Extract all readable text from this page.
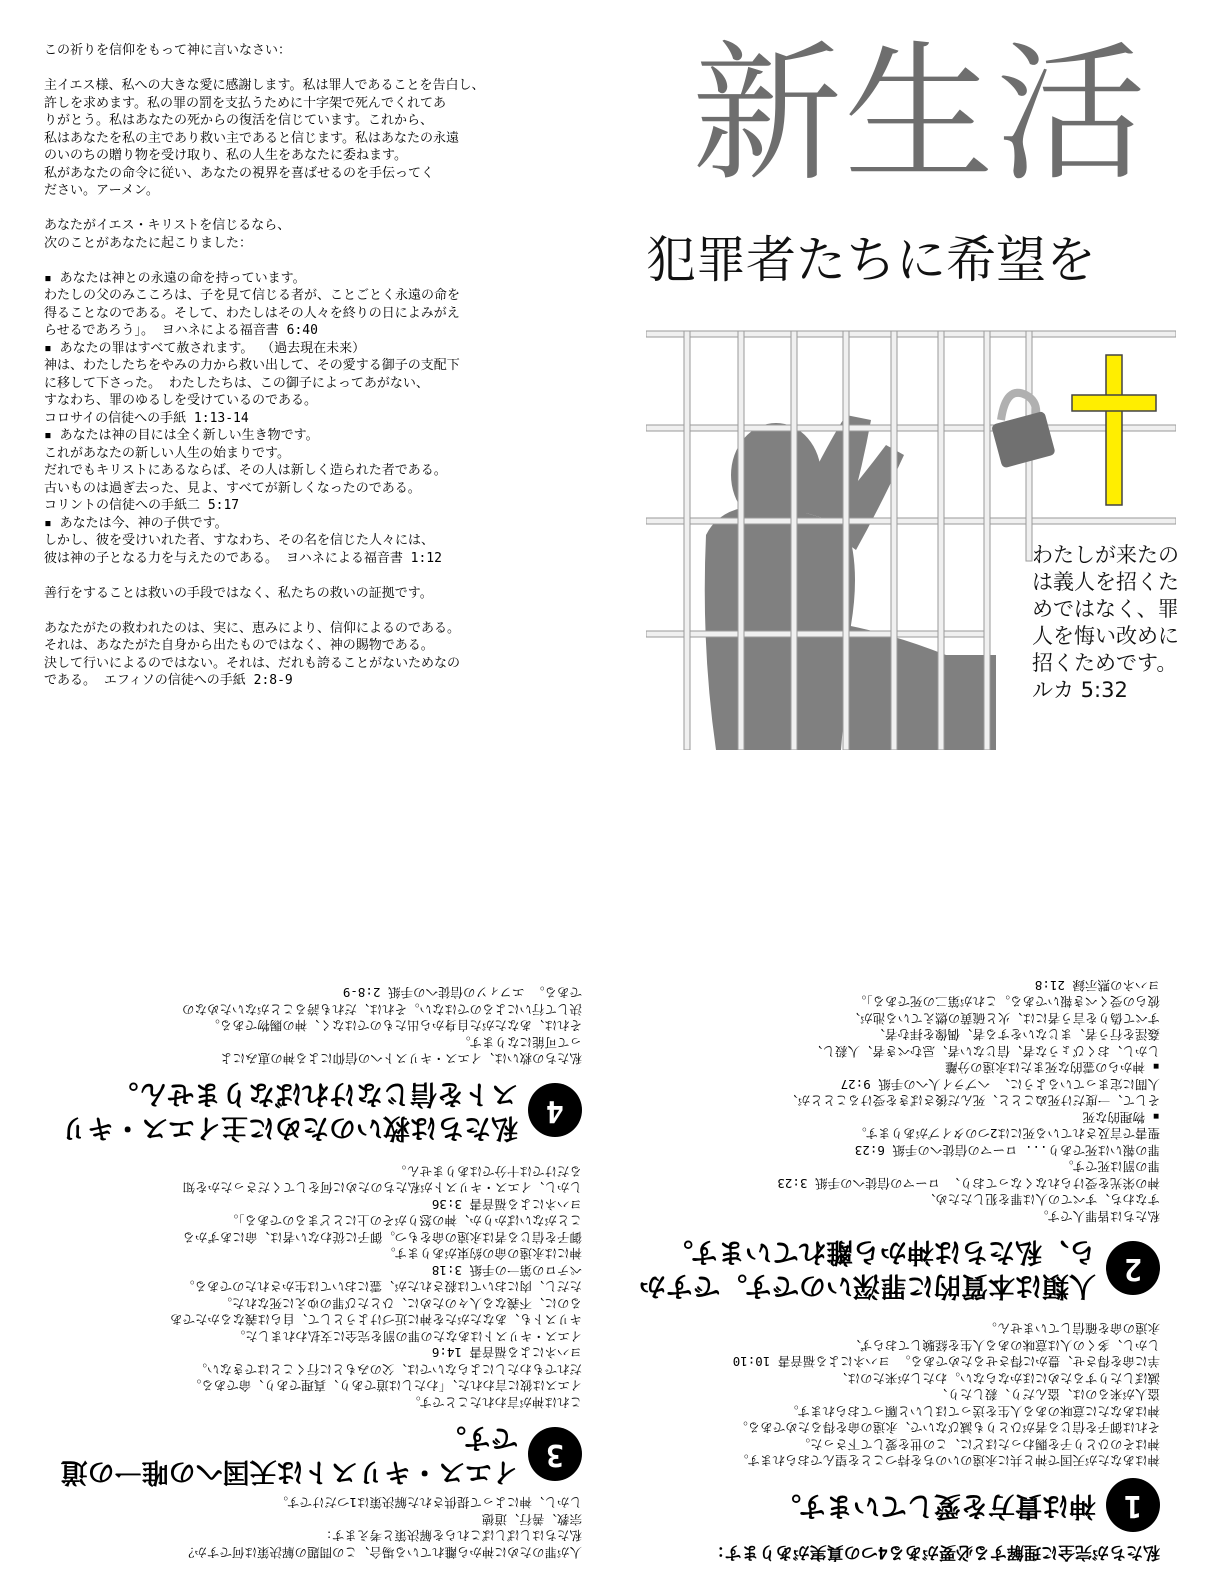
この祈りを信仰をもって神に言いなさい：

主イエス様、私への大きな愛に感謝します。私は罪人であることを告白し、
許しを求めます。私の罪の罰を支払うために十字架で死んでくれてあ
りがとう。私はあなたの死からの復活を信じています。これから、
私はあなたを私の主であり救い主であると信じます。私はあなたの永遠
のいのちの贈り物を受け取り、私の人生をあなたに委ねます。
私があなたの命令に従い、あなたの視界を喜ばせるのを手伝ってく
ださい。アーメン。

あなたがイエス・キリストを信じるなら、
次のことがあなたに起こりました：

▪ あなたは神との永遠の命を持っています。
わたしの父のみこころは、子を見て信じる者が、ことごとく永遠の命を
得ることなのである。そして、わたしはその人々を終りの日によみがえ
らせるであろう」。 ヨハネによる福音書 6:40
▪ あなたの罪はすべて赦されます。 （過去現在未来）
神は、わたしたちをやみの力から救い出して、その愛する御子の支配下
に移して下さった。 わたしたちは、この御子によってあがない、
すなわち、罪のゆるしを受けているのである。
コロサイの信徒への手紙 1:13-14
▪ あなたは神の目には全く新しい生き物です。
これがあなたの新しい人生の始まりです。
だれでもキリストにあるならば、その人は新しく造られた者である。
古いものは過ぎ去った、見よ、すべてが新しくなったのである。
コリントの信徒への手紙二 5:17
▪ あなたは今、神の子供です。
しかし、彼を受けいれた者、すなわち、その名を信じた人々には、
彼は神の子となる力を与えたのである。 ヨハネによる福音書 1:12

善行をすることは救いの手段ではなく、私たちの救いの証拠です。

あなたがたの救われたのは、実に、恵みにより、信仰によるのである。
それは、あなたがた自身から出たものではなく、神の賜物である。
決して行いによるのではない。それは、だれも誇ることがないためなの
である。 エフィソの信徒への手紙 2:8-9

新生活
犯罪者たちに希望を
わたしが来たのは義人を招くためではなく、罪人を悔い改めに招くためです。ルカ 5:32
私たちが完全に理解する必要がある4つの真実があります：
1
神は貴方を愛しています。
神はあなたが天国で神と共に永遠のいのちを持つことを望んでおられます。
神はそのひとり子を賜わったほどに、この世を愛して下さった。
それは御子を信じる者がひとりも滅びないで、永遠の命を得るためである。
神はあなたに意味のある人生を送ってほしいと願っておられます。
盗人が来るのは、盗んだり、殺したり、
滅ぼしたりするためにほかならない。わたしが来たのは、
羊に命を得させ、豊かに得させるためである。 ヨハネによる福音書 10:10
しかし、多くの人は意味のある人生を経験しておらず、
永遠の命を確信していません。
2
人類は本質的に罪深いのです。ですから、私たちは神から離れています。
私たちは皆罪人です。
すなわち、すべての人は罪を犯したため、
神の栄光を受けられなくなっており、 ローマの信徒への手紙 3:23
罪の罰は死です。
罪の報いは死であり... ローマの信徒への手紙 6:23
聖書で言及されている死には2つのタイプがあります。
▪ 物理的な死
そして、一度だけ死ぬことと、死んだ後さばきを受けることとが、
人間に定まっているように、 ヘブライ人への手紙 9:27
▪ 神からの霊的な死または永遠の分離
しかし、おくびょうな者、信じない者、忌むべき者、人殺し、
姦淫を行う者、まじないをする者、偶像を拝む者、
すべて偽りを言う者には、火と硫黄の燃えている池が、
彼らの受くべき報いである。これが第二の死である」。
ヨハネの黙示録 21:8
人が罪のために神から離れている場合、この問題の解決策は何ですか？
私たちはしばしばこれらを解決策と考えます：
宗教、善行、道徳
しかし、神によって提供された解決策は1つだけです。
3
イエス・キリストは天国への唯一の道です。
これは神が言われたことです。
イエスは彼に言われた、「わたしは道であり、真理であり、命である。
だれでもわたしによらないでは、父のみもとに行くことはできない。
ヨハネによる福音書 14:6
イエス・キリストはあなたの罪の罰を完全に支払われました。
キリストも、あなたがたを神に近づけようとして、自らは義なるかたであ
るのに、不義なる人々のために、ひとたび罪のゆえに死なれた。
ただし、肉においては殺されたが、霊においては生かされたのである。
ペテロの第一の手紙 3:18
神には永遠の命の約束があります。
御子を信じる者は永遠の命をもつ。御子に従わない者は、命にあずかる
ことがないばかりか、神の怒りがその上にとどまるのである」。
ヨハネによる福音書 3:36
しかし、イエス・キリストが私たちのために何をしてくださったかを知
るだけでは十分ではありません。
4
私たちは救いのために主イエス・キリストを信じなければなりません。
私たちの救いは、イエス・キリストへの信仰による神の恵みによ
って可能になります。
それは、あなたがた自身から出たものではなく、神の賜物である。
決して行いによるのではない。それは、だれも誇ることがないためなの
である。 エフィソの信徒への手紙 2:8-9
